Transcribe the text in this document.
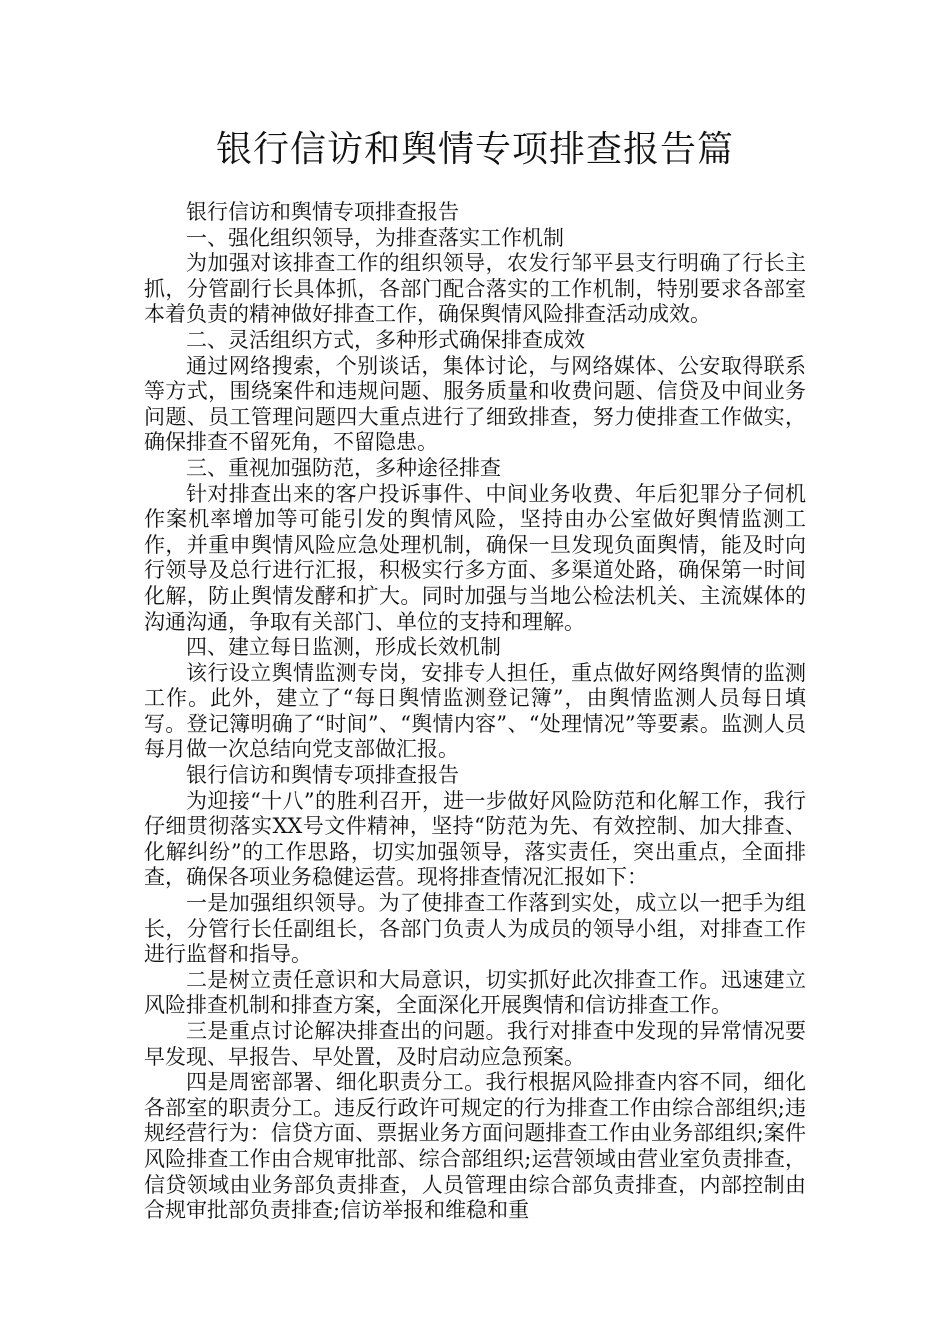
银行信访和舆情专项排查报告篇

银行信访和舆情专项排查报告

一、强化组织领导，为排查落实工作机制

为加强对该排查工作的组织领导，农发行邹平县支行明确了行长主抓，分管副行长具体抓，各部门配合落实的工作机制，特别要求各部室本着负责的精神做好排查工作，确保舆情风险排查活动成效。

二、灵活组织方式，多种形式确保排查成效

通过网络搜索，个别谈话，集体讨论，与网络媒体、公安取得联系等方式，围绕案件和违规问题、服务质量和收费问题、信贷及中间业务问题、员工管理问题四大重点进行了细致排查，努力使排查工作做实，确保排查不留死角，不留隐患。

三、重视加强防范，多种途径排查

针对排查出来的客户投诉事件、中间业务收费、年后犯罪分子伺机作案机率增加等可能引发的舆情风险，坚持由办公室做好舆情监测工作，并重申舆情风险应急处理机制，确保一旦发现负面舆情，能及时向行领导及总行进行汇报，积极实行多方面、多渠道处路，确保第一时间化解，防止舆情发酵和扩大。同时加强与当地公检法机关、主流媒体的沟通沟通，争取有关部门、单位的支持和理解。

四、建立每日监测，形成长效机制

该行设立舆情监测专岗，安排专人担任，重点做好网络舆情的监测工作。此外，建立了“每日舆情监测登记簿”，由舆情监测人员每日填写。登记簿明确了“时间”、“舆情内容”、“处理情况”等要素。监测人员每月做一次总结向党支部做汇报。

银行信访和舆情专项排查报告

为迎接“十八”的胜利召开，进一步做好风险防范和化解工作，我行仔细贯彻落实XX号文件精神，坚持“防范为先、有效控制、加大排查、化解纠纷”的工作思路，切实加强领导，落实责任，突出重点，全面排查，确保各项业务稳健运营。现将排查情况汇报如下：

一是加强组织领导。为了使排查工作落到实处，成立以一把手为组长，分管行长任副组长，各部门负责人为成员的领导小组，对排查工作进行监督和指导。

二是树立责任意识和大局意识，切实抓好此次排查工作。迅速建立风险排查机制和排查方案，全面深化开展舆情和信访排查工作。

三是重点讨论解决排查出的问题。我行对排查中发现的异常情况要早发现、早报告、早处置，及时启动应急预案。

四是周密部署、细化职责分工。我行根据风险排查内容不同，细化各部室的职责分工。违反行政许可规定的行为排查工作由综合部组织;违规经营行为：信贷方面、票据业务方面问题排查工作由业务部组织;案件风险排查工作由合规审批部、综合部组织;运营领域由营业室负责排查，信贷领域由业务部负责排查，人员管理由综合部负责排查，内部控制由合规审批部负责排查;信访举报和维稳和重
